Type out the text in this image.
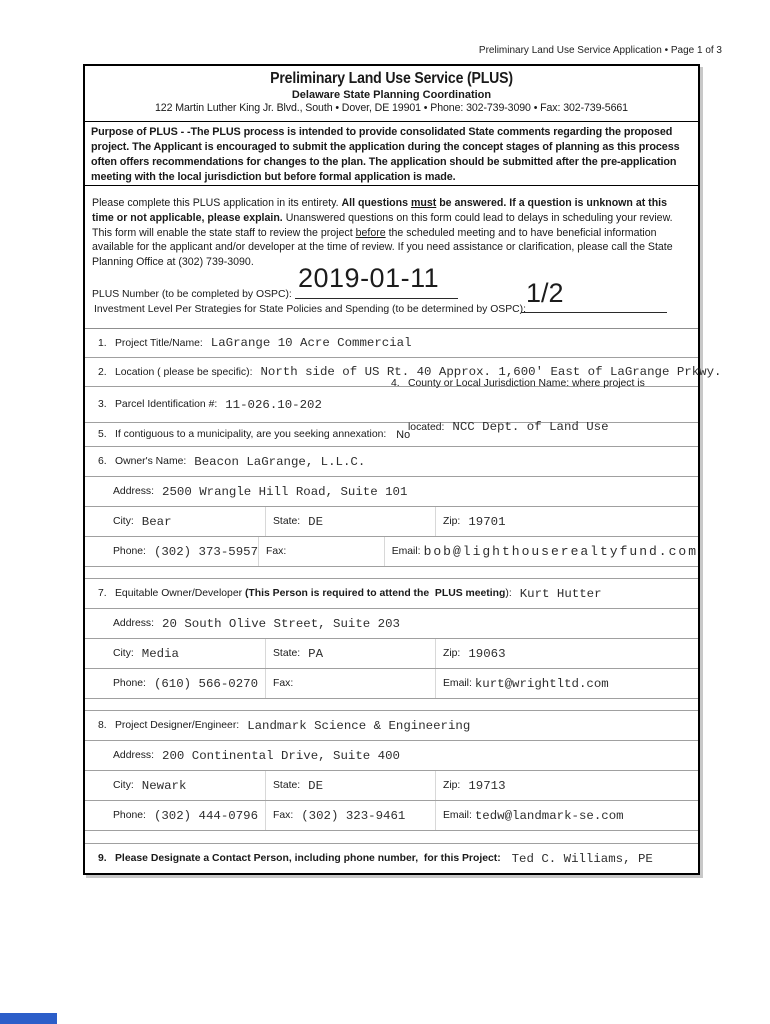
Preliminary Land Use Service Application • Page 1 of 3
Preliminary Land Use Service (PLUS)
Delaware State Planning Coordination
122 Martin Luther King Jr. Blvd., South • Dover, DE 19901 • Phone: 302-739-3090 • Fax: 302-739-5661
Purpose of PLUS - -The PLUS process is intended to provide consolidated State comments regarding the proposed project. The Applicant is encouraged to submit the application during the concept stages of planning as this process often offers recommendations for changes to the plan. The application should be submitted after the pre-application meeting with the local jurisdiction but before formal application is made.

Please complete this PLUS application in its entirety. All questions must be answered. If a question is unknown at this time or not applicable, please explain. Unanswered questions on this form could lead to delays in scheduling your review. This form will enable the state staff to review the project before the scheduled meeting and to have beneficial information available for the applicant and/or developer at the time of review. If you need assistance or clarification, please call the State Planning Office at (302) 739-3090.

PLUS Number (to be completed by OSPC):
2019-01-11
Investment Level Per Strategies for State Policies and Spending (to be determined by OSPC):
1/2
1. Project Title/Name: LaGrange 10 Acre Commercial
2. Location ( please be specific): North side of US Rt. 40 Approx. 1,600' East of LaGrange Prkwy.
3. Parcel Identification #: 11-026.10-202

4. County or Local Jurisdiction Name: where project is

located: NCC Dept. of Land Use

5. If contiguous to a municipality, are you seeking annexation: No
6. Owner's Name: Beacon LaGrange, L.L.C.
Address: 2500 Wrangle Hill Road, Suite 101
City: Bear	State: DE	Zip: 19701
Phone: (302) 373-5957 Fax:	Email: bob@lighthouserealtyfund.com
7. Equitable Owner/Developer (This Person is required to attend the  PLUS meeting ): Kurt Hutter
Address: 20 South Olive Street, Suite 203
City: Media	State: PA	Zip: 19063
Phone: (610) 566-0270 Fax:	Email: kurt@wrightltd.com
8. Project Designer/Engineer: Landmark Science & Engineering
Address: 200 Continental Drive, Suite 400
City: Newark	State: DE	Zip: 19713
Phone: (302) 444-0796 Fax: (302) 323-9461	Email: tedw@landmark-se.com
9. Please Designate a Contact Person, including phone number,  for this Project: Ted C. Williams, PE
